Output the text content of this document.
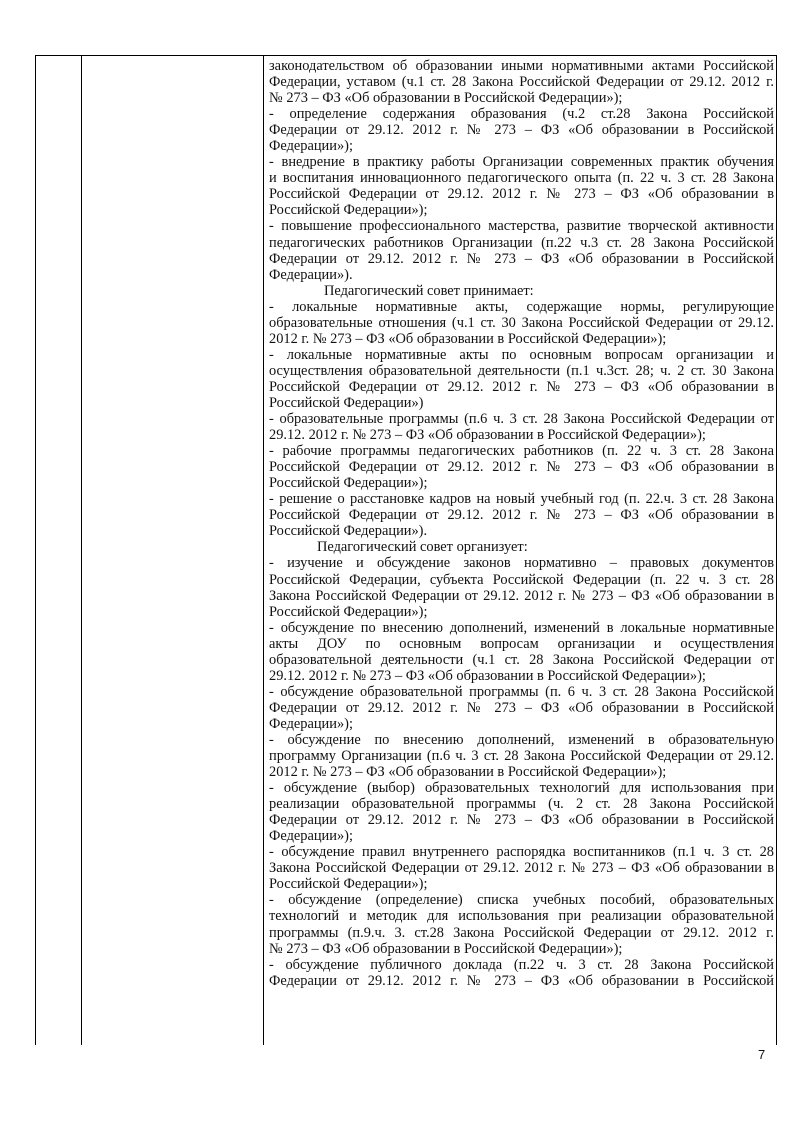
законодательством об образовании иными нормативными актами Российской
Федерации, уставом (ч.1 ст. 28 Закона Российской Федерации от 29.12. 2012 г.
№ 273 – ФЗ «Об образовании в Российской Федерации»);
- определение содержания образования (ч.2 ст.28 Закона Российской
Федерации от 29.12. 2012 г. № 273 – ФЗ «Об образовании в Российской
Федерации»);
- внедрение в практику работы Организации современных практик обучения
и воспитания инновационного педагогического опыта (п. 22 ч. 3 ст. 28 Закона
Российской Федерации от 29.12. 2012 г. № 273 – ФЗ «Об образовании в
Российской Федерации»);
- повышение профессионального мастерства, развитие творческой активности
педагогических работников Организации (п.22 ч.3 ст. 28 Закона Российской
Федерации от 29.12. 2012 г. № 273 – ФЗ «Об образовании в Российской
Федерации»).
Педагогический совет принимает:
- локальные нормативные акты, содержащие нормы, регулирующие
образовательные отношения (ч.1 ст. 30 Закона Российской Федерации от 29.12.
2012 г. № 273 – ФЗ «Об образовании в Российской Федерации»);
- локальные нормативные акты по основным вопросам организации и
осуществления образовательной деятельности (п.1 ч.3ст. 28; ч. 2 ст. 30 Закона
Российской Федерации от 29.12. 2012 г. № 273 – ФЗ «Об образовании в
Российской Федерации»)
- образовательные программы (п.6 ч. 3 ст. 28 Закона Российской Федерации от
29.12. 2012 г. № 273 – ФЗ «Об образовании в Российской Федерации»);
- рабочие программы педагогических работников (п. 22 ч. 3 ст. 28 Закона
Российской Федерации от 29.12. 2012 г. № 273 – ФЗ «Об образовании в
Российской Федерации»);
- решение о расстановке кадров на новый учебный год (п. 22.ч. 3 ст. 28 Закона
Российской Федерации от 29.12. 2012 г. № 273 – ФЗ «Об образовании в
Российской Федерации»).
Педагогический совет организует:
- изучение и обсуждение законов нормативно – правовых документов
Российской Федерации, субъекта Российской Федерации (п. 22 ч. 3 ст. 28
Закона Российской Федерации от 29.12. 2012 г. № 273 – ФЗ «Об образовании в
Российской Федерации»);
- обсуждение по внесению дополнений, изменений в локальные нормативные
акты ДОУ по основным вопросам организации и осуществления
образовательной деятельности (ч.1 ст. 28 Закона Российской Федерации от
29.12. 2012 г. № 273 – ФЗ «Об образовании в Российской Федерации»);
- обсуждение образовательной программы (п. 6 ч. 3 ст. 28 Закона Российской
Федерации от 29.12. 2012 г. № 273 – ФЗ «Об образовании в Российской
Федерации»);
- обсуждение по внесению дополнений, изменений в образовательную
программу Организации (п.6 ч. 3 ст. 28 Закона Российской Федерации от 29.12.
2012 г. № 273 – ФЗ «Об образовании в Российской Федерации»);
- обсуждение (выбор) образовательных технологий для использования при
реализации образовательной программы (ч. 2 ст. 28 Закона Российской
Федерации от 29.12. 2012 г. № 273 – ФЗ «Об образовании в Российской
Федерации»);
- обсуждение правил внутреннего распорядка воспитанников (п.1 ч. 3 ст. 28
Закона Российской Федерации от 29.12. 2012 г. № 273 – ФЗ «Об образовании в
Российской Федерации»);
- обсуждение (определение) списка учебных пособий, образовательных
технологий и методик для использования при реализации образовательной
программы (п.9.ч. 3. ст.28 Закона Российской Федерации от 29.12. 2012 г.
№ 273 – ФЗ «Об образовании в Российской Федерации»);
- обсуждение публичного доклада (п.22 ч. 3 ст. 28 Закона Российской
Федерации от 29.12. 2012 г. № 273 – ФЗ «Об образовании в Российской
7
